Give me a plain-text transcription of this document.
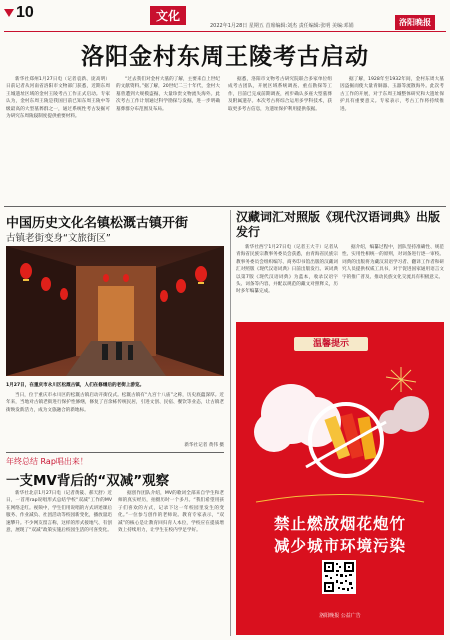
10	文化
2022年1月28日 星期五 首席编辑:刘杰 责任编辑:张明 美编:邓娟	洛阳晚报
洛阳金村东周王陵考古启动

新华社郑州1月27日电（记者袁新、庞高明）日前记者从河南省洛阳市文物部门获悉，近期东周王城遗址区域的金村王陵考古工作正式启动。专家认为，金村东周王陵是我国目前已知东周王陵中等级最高的大型墓葬群之一，通过系统性考古发掘可为研究东周陵寝制度提供重要材料。

“过去我们对金村大墓的了解，主要来自上世纪的文献资料。”据了解，20世纪二三十年代，金村大墓曾遭到大规模盗掘，大量珍贵文物流失海外。此次考古工作计划通过科学勘探与发掘，进一步明确墓葬群分布范围及布局。

据悉，洛阳市文物考古研究院联合多家单位组成考古团队，开展区域系统调查、重点勘探等工作，目前已完成前期调查，初步确认多座大型墓葬及附属遗存。本次考古将综合运用多学科技术，获取更多考古信息，为遗址保护利用提供依据。

据了解，1928年至1932年间，金村东周大墓因盗掘而使大量青铜器、玉器等流散海外。此次考古工作的开展，对于东周王城整体研究和大遗址保护具有重要意义。专家表示，考古工作将持续推进。

中国历史文化名镇松溉古镇开街
古镇老街变身“文旅街区”
1月27日，在重庆市永川区松溉古镇，人们在修缮后的老街上游览。

当日，位于重庆市永川区的松溉古镇启动开街仪式。松溉古镇有“九宫十八庙”之称，历史底蕴深厚。近年来，当地对古镇老街进行保护性修缮，修复了百余栋传统民居，引进文创、民宿、餐饮等业态，让古镇老街焕发新活力，成为文旅融合的新地标。

新华社记者 黄伟 摄
年终总结 Rap唱出来！
一支MV背后的“双减”观察

新华社北京1月27日电（记者黄筱、郝天舒）近日，一首用rap说唱形式总结学校“双减”工作的MV在网络走红。视频中，学生们用说唱的方式讲述课后服务、作业减负、社团活动等校园新变化，播放量迅速攀升。不少网友留言称，这样的形式接地气、有创意，展现了“双减”政策实施后校园生活的可喜变化。

据创作团队介绍，MV的歌词全部来自学生和老师的真实经历，拍摄历时一个多月。“我们希望用孩子们喜欢的方式，记录下这一年校园里发生的变化。”一位参与创作的老师说。教育专家表示，“双减”的核心是让教育回归育人本位，学校应在提质增效上持续用力，让学生在校内学足学好。

汉藏词汇对照版《现代汉语词典》出版发行

新华社西宁1月27日电（记者王大千）记者从青海省民族宗教事务委员会获悉，由青海省民族宗教事务委员会组织编写、商务印书馆出版的汉藏词汇对照版《现代汉语词典》日前出版发行。该词典以第7版《现代汉语词典》为蓝本，收录汉语字头、词条等内容，并配以规范的藏文对照释义，历时多年编纂完成。

据介绍，编纂过程中，团队坚持准确性、规范性、实用性相统一的原则，对词条进行逐一审校。词典的出版将为藏汉双语学习者、翻译工作者和研究人员提供权威工具书，对于促进国家通用语言文字的推广普及、推动民族文化交流具有积极意义。

温馨提示
禁止燃放烟花炮竹
减少城市环境污染
洛阳晚报 公益广告
